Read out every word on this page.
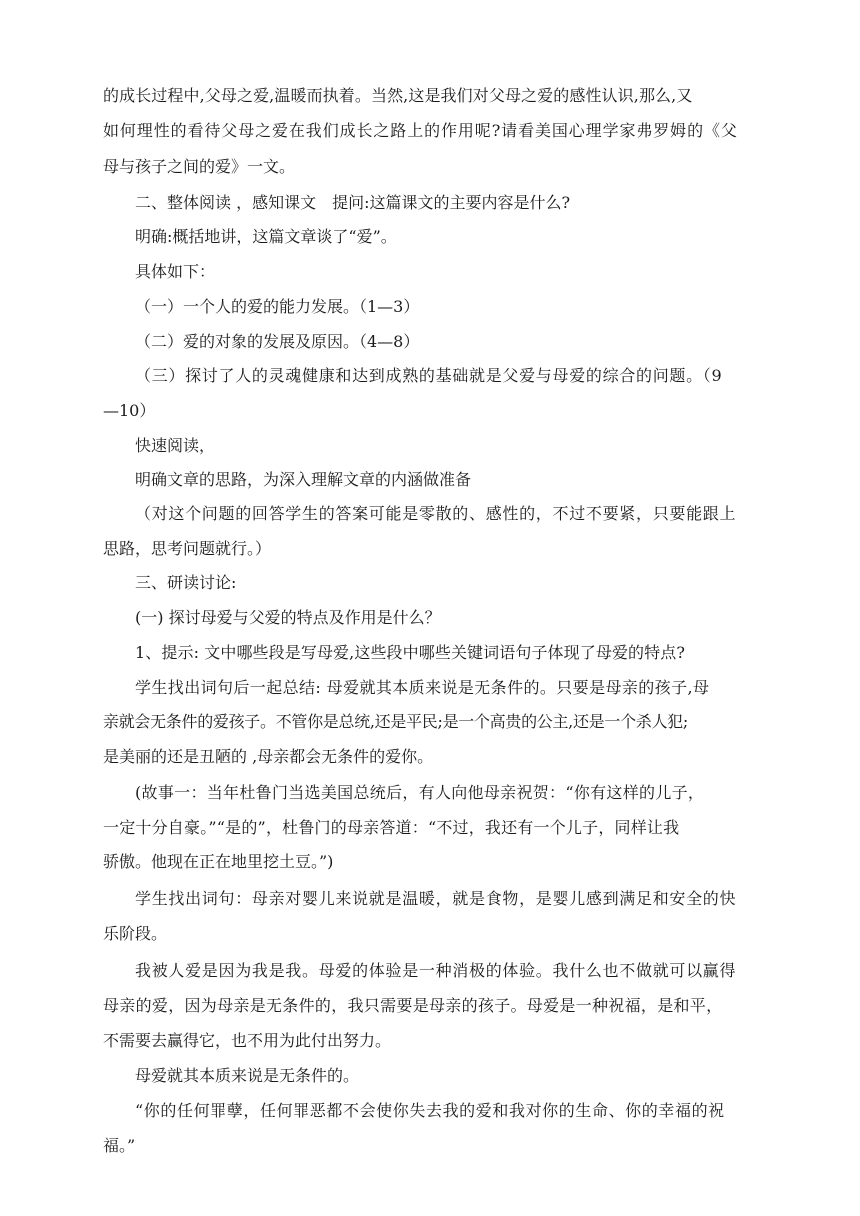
的成长过程中,父母之爱,温暖而执着。当然,这是我们对父母之爱的感性认识,那么,又
如何理性的看待父母之爱在我们成长之路上的作用呢?请看美国心理学家弗罗姆的《父
母与孩子之间的爱》一文。
二、整体阅读 ，感知课文　提问:这篇课文的主要内容是什么?
明确:概括地讲，这篇文章谈了“爱”。
具体如下：
（一）一个人的爱的能力发展。（1—3）
（二）爱的对象的发展及原因。（4—8）
（三）探讨了人的灵魂健康和达到成熟的基础就是父爱与母爱的综合的问题。（9
—10）
快速阅读，
明确文章的思路，为深入理解文章的内涵做准备
（对这个问题的回答学生的答案可能是零散的、感性的，不过不要紧，只要能跟上
思路，思考问题就行。）
三、研读讨论:
(一) 探讨母爱与父爱的特点及作用是什么？
1、提示: 文中哪些段是写母爱,这些段中哪些关键词语句子体现了母爱的特点?
学生找出词句后一起总结: 母爱就其本质来说是无条件的。只要是母亲的孩子,母
亲就会无条件的爱孩子。不管你是总统,还是平民;是一个高贵的公主,还是一个杀人犯;
是美丽的还是丑陋的 ,母亲都会无条件的爱你。
(故事一：当年杜鲁门当选美国总统后，有人向他母亲祝贺：“你有这样的儿子，
一定十分自豪。”“是的”，杜鲁门的母亲答道：“不过，我还有一个儿子，同样让我
骄傲。他现在正在地里挖土豆。”)
学生找出词句：母亲对婴儿来说就是温暖，就是食物，是婴儿感到满足和安全的快
乐阶段。
我被人爱是因为我是我。母爱的体验是一种消极的体验。我什么也不做就可以赢得
母亲的爱，因为母亲是无条件的，我只需要是母亲的孩子。母爱是一种祝福，是和平，
不需要去赢得它，也不用为此付出努力。
母爱就其本质来说是无条件的。
“你的任何罪孽，任何罪恶都不会使你失去我的爱和我对你的生命、你的幸福的祝
福。”
